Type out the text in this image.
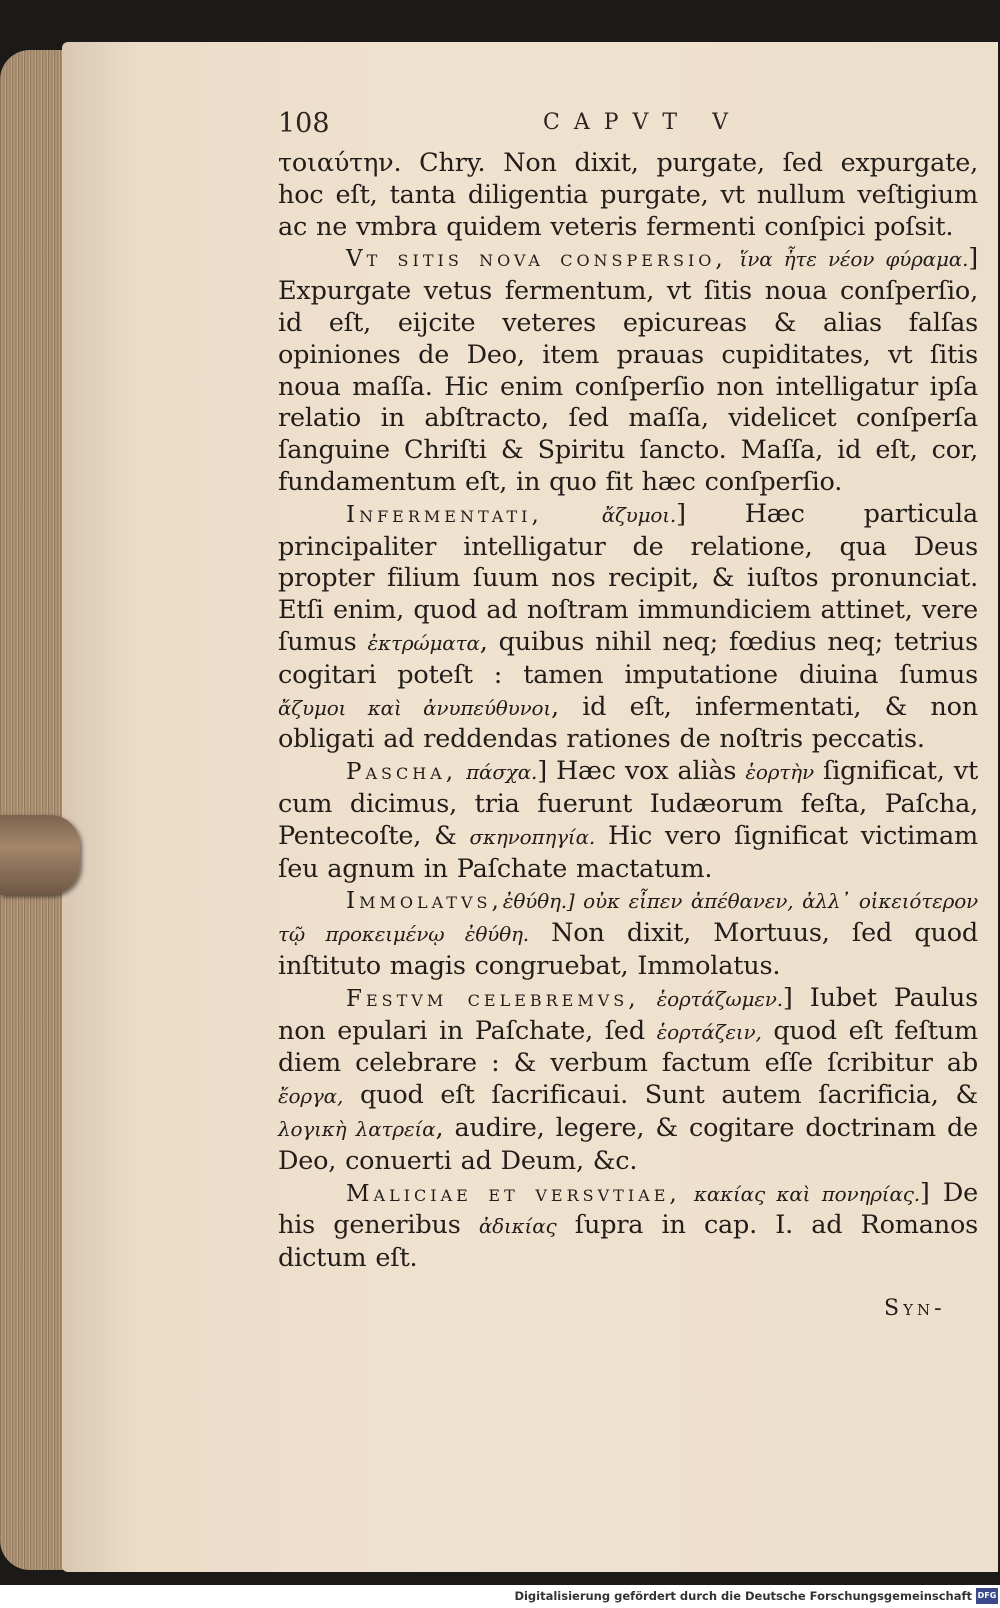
108	CAPVT V

τοιαύτην. Chry. Non dixit, purgate, ſed expurgate, hoc eſt, tanta diligentia purgate, vt nullum veſtigium ac ne vmbra quidem veteris fermenti conſpici poſsit.

Vt sitis nova conspersio, ἵνα ἦτε νέον φύραμα.] Expurgate vetus fermentum, vt ſitis noua conſperſio, id eſt, eijcite veteres epicureas & alias falſas opiniones de Deo, item prauas cupiditates, vt ſitis noua maſſa. Hic enim conſperſio non intelligatur ipſa relatio in abſtracto, ſed maſſa, videlicet conſperſa ſanguine Chriſti & Spiritu ſancto. Maſſa, id eſt, cor, fundamentum eſt, in quo fit hæc conſperſio.

Infermentati,	ἄζυμοι.] Hæc particula principaliter intelligatur de relatione, qua Deus propter filium ſuum nos recipit, & iuſtos pronunciat. Etſi enim, quod ad noſtram immundiciem attinet, vere ſumus ἐκτρώματα, quibus nihil neq; fœdius neq; tetrius cogitari poteſt : tamen imputatione diuina ſumus ἄζυμοι καὶ ἀνυπεύθυνοι, id eſt, infermentati, & non obligati ad reddendas rationes de noſtris peccatis.

Pascha, πάσχα.] Hæc vox aliàs ἑορτὴν ſignificat, vt cum dicimus, tria fuerunt Iudæorum feſta, Paſcha, Pentecoſte, & σκηνοπηγία. Hic vero ſignificat victimam ſeu agnum in Paſchate mactatum.

Immolatvs,ἐθύθη.] οὐκ εἶπεν ἀπέθανεν, ἀλλ᾽ οἰκειότερον τῷ προκειμένῳ ἐθύθη. Non dixit, Mortuus, ſed quod inſtituto magis congruebat, Immolatus.

Festvm celebremvs, ἑορτάζωμεν.] Iubet Paulus non epulari in Paſchate, ſed ἑορτάζειν, quod eſt feſtum diem celebrare : & verbum factum eſſe ſcribitur ab ἔοργα, quod eſt ſacrificaui. Sunt autem ſacrificia, & λογικὴ λατρεία, audire, legere, & cogitare doctrinam de Deo, conuerti ad Deum, &c.

Maliciae et versvtiae, κακίας καὶ πονηρίας.] De his generibus ἀδικίας ſupra in cap. I. ad Romanos dictum eſt.

Syn-
Digitalisierung gefördert durch die Deutsche Forschungsgemeinschaft DFG
